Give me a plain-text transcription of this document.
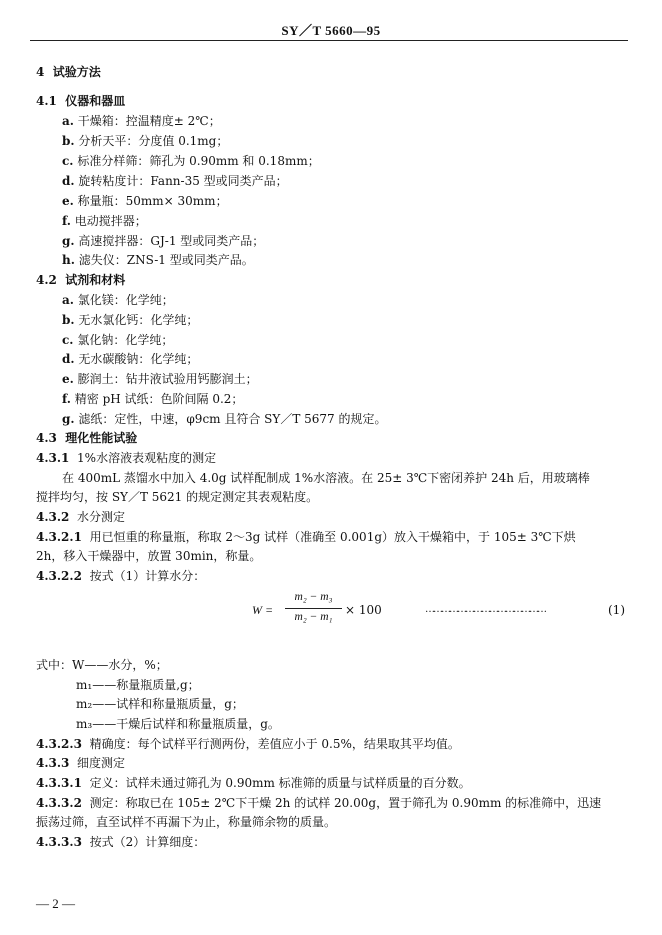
SY／T 5660—95
4 试验方法
4.1 仪器和器皿
a. 干燥箱：控温精度± 2℃；
b. 分析天平：分度值 0.1mg；
c. 标准分样筛：筛孔为 0.90mm 和 0.18mm；
d. 旋转粘度计：Fann-35 型或同类产品；
e. 称量瓶：50mm× 30mm；
f. 电动搅拌器；
g. 高速搅拌器：GJ-1 型或同类产品；
h. 滤失仪：ZNS-1 型或同类产品。
4.2 试剂和材料
a. 氯化镁：化学纯；
b. 无水氯化钙：化学纯；
c. 氯化钠：化学纯；
d. 无水碳酸钠：化学纯；
e. 膨润土：钻井液试验用钙膨润土；
f. 精密 pH 试纸：色阶间隔 0.2；
g. 滤纸：定性，中速，φ9cm 且符合 SY／T 5677 的规定。
4.3 理化性能试验
4.3.1 1%水溶液表观粘度的测定
在 400mL 蒸馏水中加入 4.0g 试样配制成 1%水溶液。在 25± 3℃下密闭养护 24h 后，用玻璃棒
搅拌均匀，按 SY／T 5621 的规定测定其表观粘度。
4.3.2 水分测定
4.3.2.1 用已恒重的称量瓶，称取 2～3g 试样（准确至 0.001g）放入干燥箱中，于 105± 3℃下烘
2h，移入干燥器中，放置 30min，称量。
4.3.2.2 按式（1）计算水分：
W =
m₂ − m₃
m₂ − m₁	× 100	………………………………………	(1)
式中：W——水分，%；
m₁——称量瓶质量,g；
m₂——试样和称量瓶质量，g；
m₃——干燥后试样和称量瓶质量，g。
4.3.2.3 精确度：每个试样平行测两份，差值应小于 0.5%，结果取其平均值。
4.3.3 细度测定
4.3.3.1 定义：试样未通过筛孔为 0.90mm 标准筛的质量与试样质量的百分数。
4.3.3.2 测定：称取已在 105± 2℃下干燥 2h 的试样 20.00g，置于筛孔为 0.90mm 的标准筛中，迅速
振荡过筛，直至试样不再漏下为止，称量筛余物的质量。
4.3.3.3 按式（2）计算细度：
— 2 —
